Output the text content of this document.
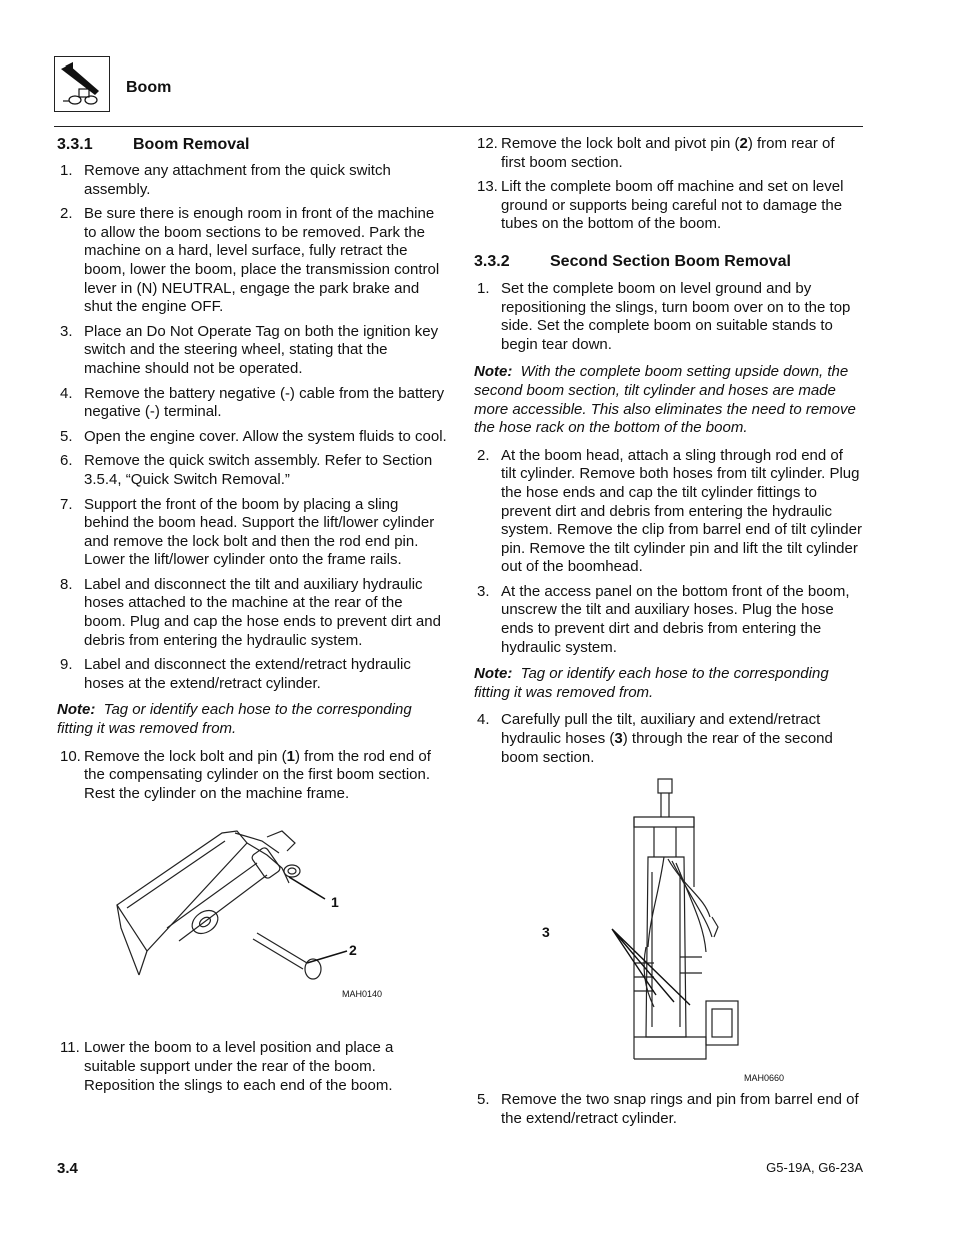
Boom
3.3.1	Boom Removal
1. Remove any attachment from the quick switch assembly.
2. Be sure there is enough room in front of the machine to allow the boom sections to be removed. Park the machine on a hard, level surface, fully retract the boom, lower the boom, place the transmission control lever in (N) NEUTRAL, engage the park brake and shut the engine OFF.
3. Place an Do Not Operate Tag on both the ignition key switch and the steering wheel, stating that the machine should not be operated.
4. Remove the battery negative (-) cable from the battery negative (-) terminal.
5. Open the engine cover. Allow the system fluids to cool.
6. Remove the quick switch assembly. Refer to Section 3.5.4, “Quick Switch Removal.”
7. Support the front of the boom by placing a sling behind the boom head. Support the lift/lower cylinder and remove the lock bolt and then the rod end pin. Lower the lift/lower cylinder onto the frame rails.
8. Label and disconnect the tilt and auxiliary hydraulic hoses attached to the machine at the rear of the boom. Plug and cap the hose ends to prevent dirt and debris from entering the hydraulic system.
9. Label and disconnect the extend/retract hydraulic hoses at the extend/retract cylinder.

Note: Tag or identify each hose to the corresponding fitting it was removed from.

10. Remove the lock bolt and pin (1) from the rod end of the compensating cylinder on the first boom section. Rest the cylinder on the machine frame.
1
2
MAH0140
11. Lower the boom to a level position and place a suitable support under the rear of the boom. Reposition the slings to each end of the boom.
12. Remove the lock bolt and pivot pin (2) from rear of first boom section.
13. Lift the complete boom off machine and set on level ground or supports being careful not to damage the tubes on the bottom of the boom.
3.3.2	Second Section Boom Removal
1. Set the complete boom on level ground and by repositioning the slings, turn boom over on to the top side. Set the complete boom on suitable stands to begin tear down.

Note: With the complete boom setting upside down, the second boom section, tilt cylinder and hoses are made more accessible. This also eliminates the need to remove the hose rack on the bottom of the boom.

2. At the boom head, attach a sling through rod end of tilt cylinder. Remove both hoses from tilt cylinder. Plug the hose ends and cap the tilt cylinder fittings to prevent dirt and debris from entering the hydraulic system. Remove the clip from barrel end of tilt cylinder pin. Remove the tilt cylinder pin and lift the tilt cylinder out of the boomhead.
3. At the access panel on the bottom front of the boom, unscrew the tilt and auxiliary hoses. Plug the hose ends to prevent dirt and debris from entering the hydraulic system.

Note: Tag or identify each hose to the corresponding fitting it was removed from.

4. Carefully pull the tilt, auxiliary and extend/retract hydraulic hoses (3) through the rear of the second boom section.
3
MAH0660
5. Remove the two snap rings and pin from barrel end of the extend/retract cylinder.
3.4	G5-19A, G6-23A
